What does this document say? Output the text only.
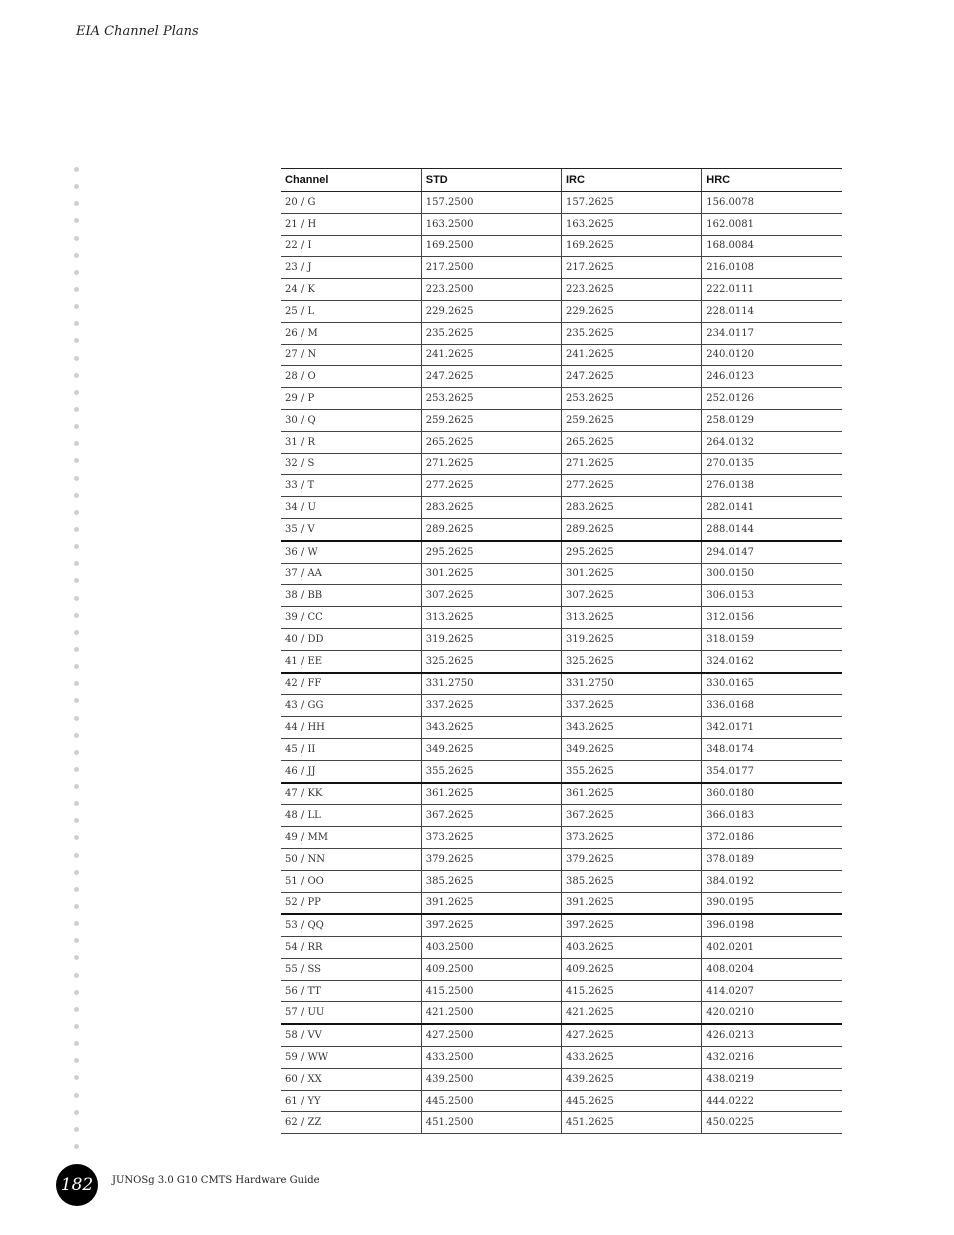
EIA Channel Plans
Channel	STD	IRC	HRC
20 / G	157.2500	157.2625	156.0078
21 / H	163.2500	163.2625	162.0081
22 / I	169.2500	169.2625	168.0084
23 / J	217.2500	217.2625	216.0108
24 / K	223.2500	223.2625	222.0111
25 / L	229.2625	229.2625	228.0114
26 / M	235.2625	235.2625	234.0117
27 / N	241.2625	241.2625	240.0120
28 / O	247.2625	247.2625	246.0123
29 / P	253.2625	253.2625	252.0126
30 / Q	259.2625	259.2625	258.0129
31 / R	265.2625	265.2625	264.0132
32 / S	271.2625	271.2625	270.0135
33 / T	277.2625	277.2625	276.0138
34 / U	283.2625	283.2625	282.0141
35 / V	289.2625	289.2625	288.0144
36 / W	295.2625	295.2625	294.0147
37 / AA	301.2625	301.2625	300.0150
38 / BB	307.2625	307.2625	306.0153
39 / CC	313.2625	313.2625	312.0156
40 / DD	319.2625	319.2625	318.0159
41 / EE	325.2625	325.2625	324.0162
42 / FF	331.2750	331.2750	330.0165
43 / GG	337.2625	337.2625	336.0168
44 / HH	343.2625	343.2625	342.0171
45 / II	349.2625	349.2625	348.0174
46 / JJ	355.2625	355.2625	354.0177
47 / KK	361.2625	361.2625	360.0180
48 / LL	367.2625	367.2625	366.0183
49 / MM	373.2625	373.2625	372.0186
50 / NN	379.2625	379.2625	378.0189
51 / OO	385.2625	385.2625	384.0192
52 / PP	391.2625	391.2625	390.0195
53 / QQ	397.2625	397.2625	396.0198
54 / RR	403.2500	403.2625	402.0201
55 / SS	409.2500	409.2625	408.0204
56 / TT	415.2500	415.2625	414.0207
57 / UU	421.2500	421.2625	420.0210
58 / VV	427.2500	427.2625	426.0213
59 / WW	433.2500	433.2625	432.0216
60 / XX	439.2500	439.2625	438.0219
61 / YY	445.2500	445.2625	444.0222
62 / ZZ	451.2500	451.2625	450.0225
182	JUNOSg 3.0 G10 CMTS Hardware Guide
